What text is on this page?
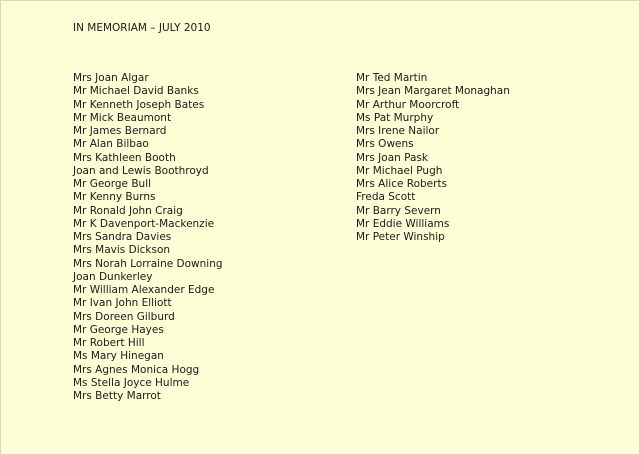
IN MEMORIAM – JULY 2010
Mrs Joan Algar
Mr Michael David Banks
Mr Kenneth Joseph Bates
Mr Mick Beaumont
Mr James Bernard
Mr Alan Bilbao
Mrs Kathleen Booth
Joan and Lewis Boothroyd
Mr George Bull
Mr Kenny Burns
Mr Ronald John Craig
Mr K Davenport-Mackenzie
Mrs Sandra Davies
Mrs Mavis Dickson
Mrs Norah Lorraine Downing
Joan Dunkerley
Mr William Alexander Edge
Mr Ivan John Elliott
Mrs Doreen Gilburd
Mr George Hayes
Mr Robert Hill
Ms Mary Hinegan
Mrs Agnes Monica Hogg
Ms Stella Joyce Hulme
Mrs Betty Marrot
Mr Ted Martin
Mrs Jean Margaret Monaghan
Mr Arthur Moorcroft
Ms Pat Murphy
Mrs Irene Nailor
Mrs Owens
Mrs Joan Pask
Mr Michael Pugh
Mrs Alice Roberts
Freda Scott
Mr Barry Severn
Mr Eddie Williams
Mr Peter Winship
